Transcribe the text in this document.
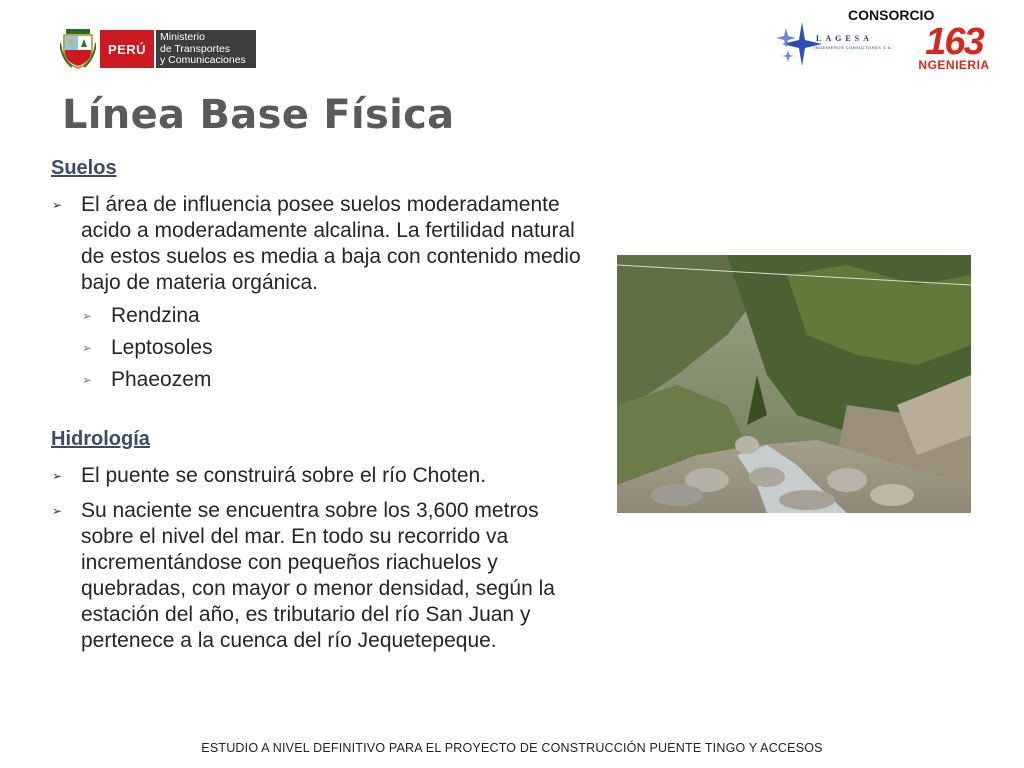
PERÚ
Ministerio
de Transportes
y Comunicaciones
CONSORCIO
LAGESA
INGENIEROS CONSULTORES S.A. 163
NGENIERIA
Línea Base Física
Suelos
➢ El área de influencia posee suelos moderadamente acido a moderadamente alcalina. La fertilidad natural de estos suelos es media a baja con contenido medio bajo de materia orgánica.
➢ Rendzina
➢ Leptosoles
➢ Phaeozem
Hidrología
➢ El puente se construirá sobre el río Choten.
➢ Su naciente se encuentra sobre los 3,600 metros sobre el nivel del mar. En todo su recorrido va incrementándose con pequeños riachuelos y quebradas, con mayor o menor densidad, según la estación del año, es tributario del río San Juan y pertenece a la cuenca del río Jequetepeque.
ESTUDIO A NIVEL DEFINITIVO PARA EL PROYECTO DE CONSTRUCCIÓN PUENTE TINGO Y ACCESOS
